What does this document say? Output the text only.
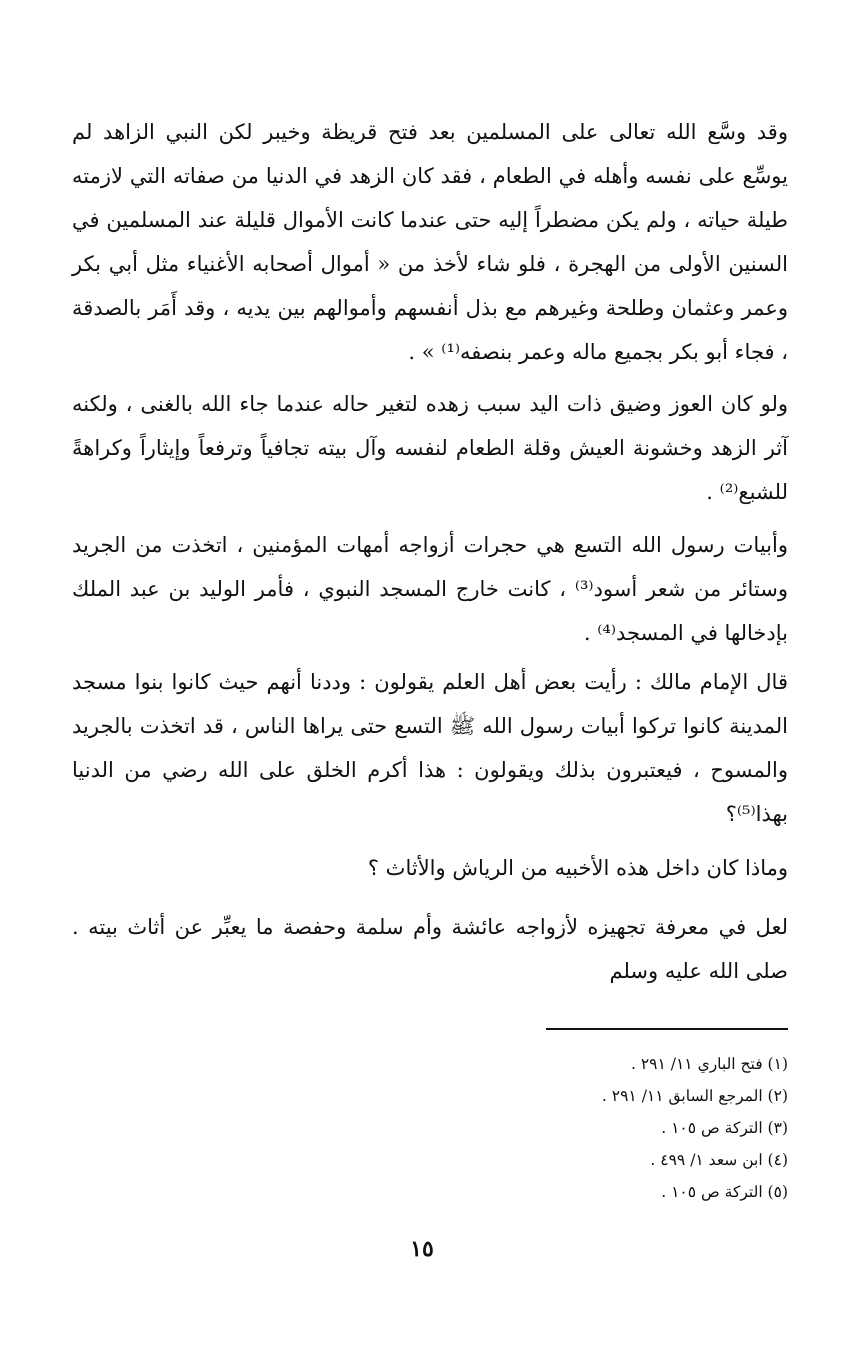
وقد وسَّع الله تعالى على المسلمين بعد فتح قريظة وخيبر لكن النبي الزاهد لم يوسِّع على نفسه وأهله في الطعام ، فقد كان الزهد في الدنيا من صفاته التي لازمته طيلة حياته ، ولم يكن مضطراً إليه حتى عندما كانت الأموال قليلة عند المسلمين في السنين الأولى من الهجرة ، فلو شاء لأخذ من « أموال أصحابه الأغنياء مثل أبي بكر وعمر وعثمان وطلحة وغيرهم مع بذل أنفسهم وأموالهم بين يديه ، وقد أَمَر بالصدقة ، فجاء أبو بكر بجميع ماله وعمر بنصفه⁽¹⁾ » .

ولو كان العوز وضيق ذات اليد سبب زهده لتغير حاله عندما جاء الله بالغنى ، ولكنه آثر الزهد وخشونة العيش وقلة الطعام لنفسه وآل بيته تجافياً وترفعاً وإيثاراً وكراهةً للشبع⁽²⁾ .

وأبيات رسول الله التسع هي حجرات أزواجه أمهات المؤمنين ، اتخذت من الجريد وستائر من شعر أسود⁽³⁾ ، كانت خارج المسجد النبوي ، فأمر الوليد بن عبد الملك بإدخالها في المسجد⁽⁴⁾ .

قال الإمام مالك : رأيت بعض أهل العلم يقولون : وددنا أنهم حيث كانوا بنوا مسجد المدينة كانوا تركوا أبيات رسول الله ﷺ التسع حتى يراها الناس ، قد اتخذت بالجريد والمسوح ، فيعتبرون بذلك ويقولون : هذا أكرم الخلق على الله رضي من الدنيا بهذا⁽⁵⁾؟

وماذا كان داخل هذه الأخبيه من الرياش والأثاث ؟

لعل في معرفة تجهيزه لأزواجه عائشة وأم سلمة وحفصة ما يعبِّر عن أثاث بيته . صلى الله عليه وسلم

(١) فتح الباري ١١/ ٢٩١ .
(٢) المرجع السابق ١١/ ٢٩١ .
(٣) التركة ص ١٠٥ .
(٤) ابن سعد ١/ ٤٩٩ .
(٥) التركة ص ١٠٥ .
١٥
